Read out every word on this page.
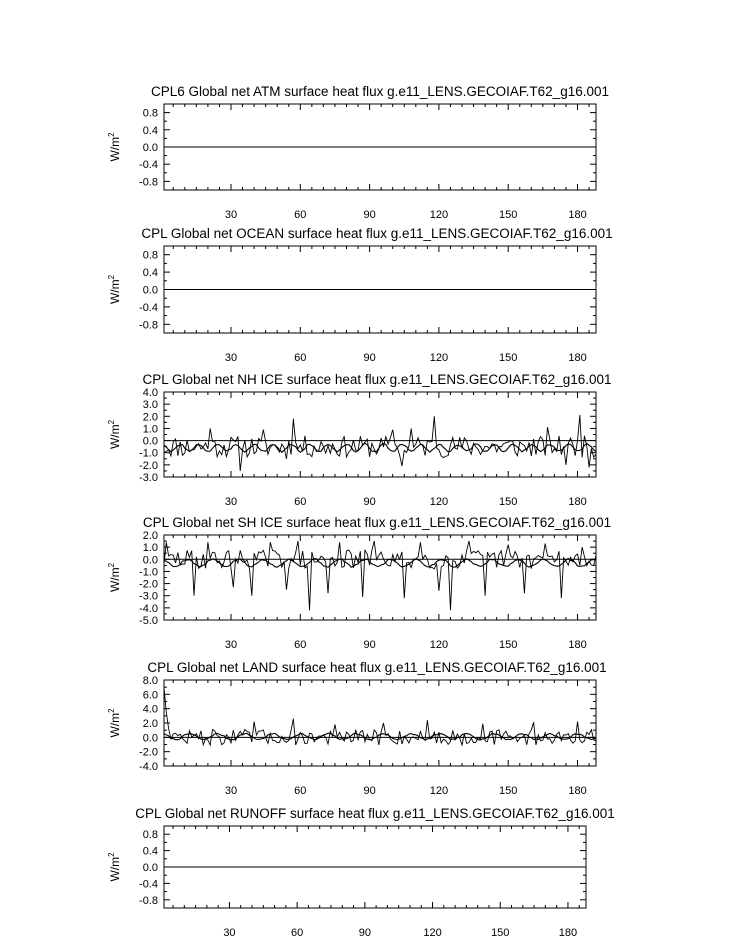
CPL6 Global net ATM surface heat flux g.e11_LENS.GECOIAF.T62_g16.001
0.8
0.4
0.0
-0.4
-0.8
30	60	90	120	150	180
$W/m^2$
CPL Global net OCEAN surface heat flux g.e11_LENS.GECOIAF.T62_g16.001
0.8
0.4
0.0
-0.4
-0.8
30	60	90	120	150	180
$W/m^2$
CPL Global net NH ICE surface heat flux g.e11_LENS.GECOIAF.T62_g16.001
4.0
3.0
2.0
1.0
0.0
-1.0
-2.0
-3.0
30	60	90	120	150	180
$W/m^2$
CPL Global net SH ICE surface heat flux g.e11_LENS.GECOIAF.T62_g16.001
2.0
1.0
0.0
-1.0
-2.0
-3.0
-4.0
-5.0
30	60	90	120	150	180
$W/m^2$
CPL Global net LAND surface heat flux g.e11_LENS.GECOIAF.T62_g16.001
8.0
6.0
4.0
2.0
0.0
-2.0
-4.0
30	60	90	120	150	180
$W/m^2$
CPL Global net RUNOFF surface heat flux g.e11_LENS.GECOIAF.T62_g16.001
0.8
0.4
0.0
-0.4
-0.8
30	60	90	120	150	180
$W/m^2$
